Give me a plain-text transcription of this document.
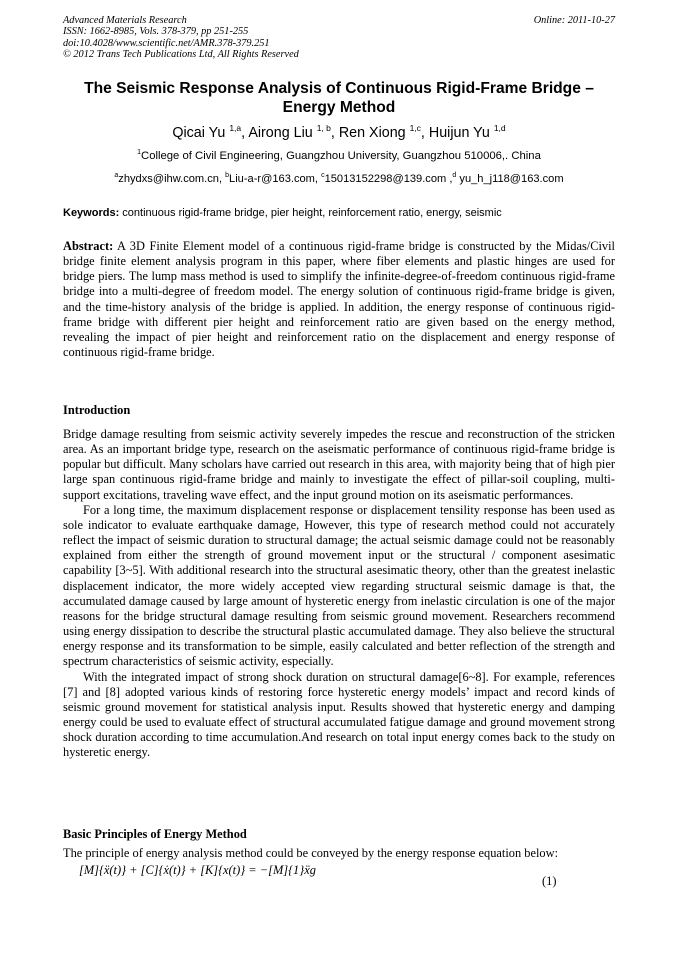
Advanced Materials Research	Online: 2011-10-27
ISSN: 1662-8985, Vols. 378-379, pp 251-255
doi:10.4028/www.scientific.net/AMR.378-379.251
© 2012 Trans Tech Publications Ltd, All Rights Reserved
The Seismic Response Analysis of Continuous Rigid-Frame Bridge – Energy Method
Qicai Yu $^{1,a}$, Airong Liu $^{1, b}$, Ren Xiong $^{1,c}$, Huijun Yu $^{1,d}$
$^1$College of Civil Engineering, Guangzhou University, Guangzhou 510006,. China
$^a$zhydxs@ihw.com.cn, $^b$Liu-a-r@163.com, $^c$15013152298@139.com ,$^d$ yu_h_j118@163.com
Keywords: continuous rigid-frame bridge, pier height, reinforcement ratio, energy, seismic

Abstract: A 3D Finite Element model of a continuous rigid-frame bridge is constructed by the Midas/Civil bridge finite element analysis program in this paper, where fiber elements and plastic hinges are used for bridge piers. The lump mass method is used to simplify the infinite-degree-of-freedom continuous rigid-frame bridge into a multi-degree of freedom model. The energy solution of continuous rigid-frame bridge is given, and the time-history analysis of the bridge is applied. In addition, the energy response of continuous rigid-frame bridge with different pier height and reinforcement ratio are given based on the energy method, revealing the impact of pier height and reinforcement ratio on the displacement and energy response of continuous rigid-frame bridge.

Introduction

Bridge damage resulting from seismic activity severely impedes the rescue and reconstruction of the stricken area. As an important bridge type, research on the aseismatic performance of continuous rigid-frame bridge is popular but difficult. Many scholars have carried out research in this area, with majority being that of high pier large span continuous rigid-frame bridge and mainly to investigate the effect of pillar-soil coupling, multi-support excitations, traveling wave effect, and the input ground motion on its aseismatic performances.

For a long time, the maximum displacement response or displacement tensility response has been used as sole indicator to evaluate earthquake damage, However, this type of research method could not accurately reflect the impact of seismic duration to structural damage; the actual seismic damage could not be reasonably explained from either the strength of ground movement input or the structural / component asesimatic capability [3~5]. With additional research into the structural asesimatic theory, other than the greatest inelastic displacement indicator, the more widely accepted view regarding structural seismic damage is that, the accumulated damage caused by large amount of hysteretic energy from inelastic circulation is one of the major reasons for the bridge structural damage resulting from seismic ground movement. Researchers recommend using energy dissipation to describe the structural plastic accumulated damage. They also believe the structural energy response and its transformation to be simple, easily calculated and better reflection of the strength and spectrum characteristics of seismic activity, especially.

With the integrated impact of strong shock duration on structural damage[6~8]. For example, references [7] and [8] adopted various kinds of restoring force hysteretic energy models’ impact and record kinds of seismic ground movement for statistical analysis input. Results showed that hysteretic energy and damping energy could be used to evaluate effect of structural accumulated fatigue damage and ground movement strong shock duration according to time accumulation.And research on total input energy comes back to the study on hysteretic energy.

Basic Principles of Energy Method

The principle of energy analysis method could be conveyed by the energy response equation below:

[M]{ẍ(t)} + [C]{ẋ(t)} + [K]{x(t)} = −[M]{1}ẍg
(1)
